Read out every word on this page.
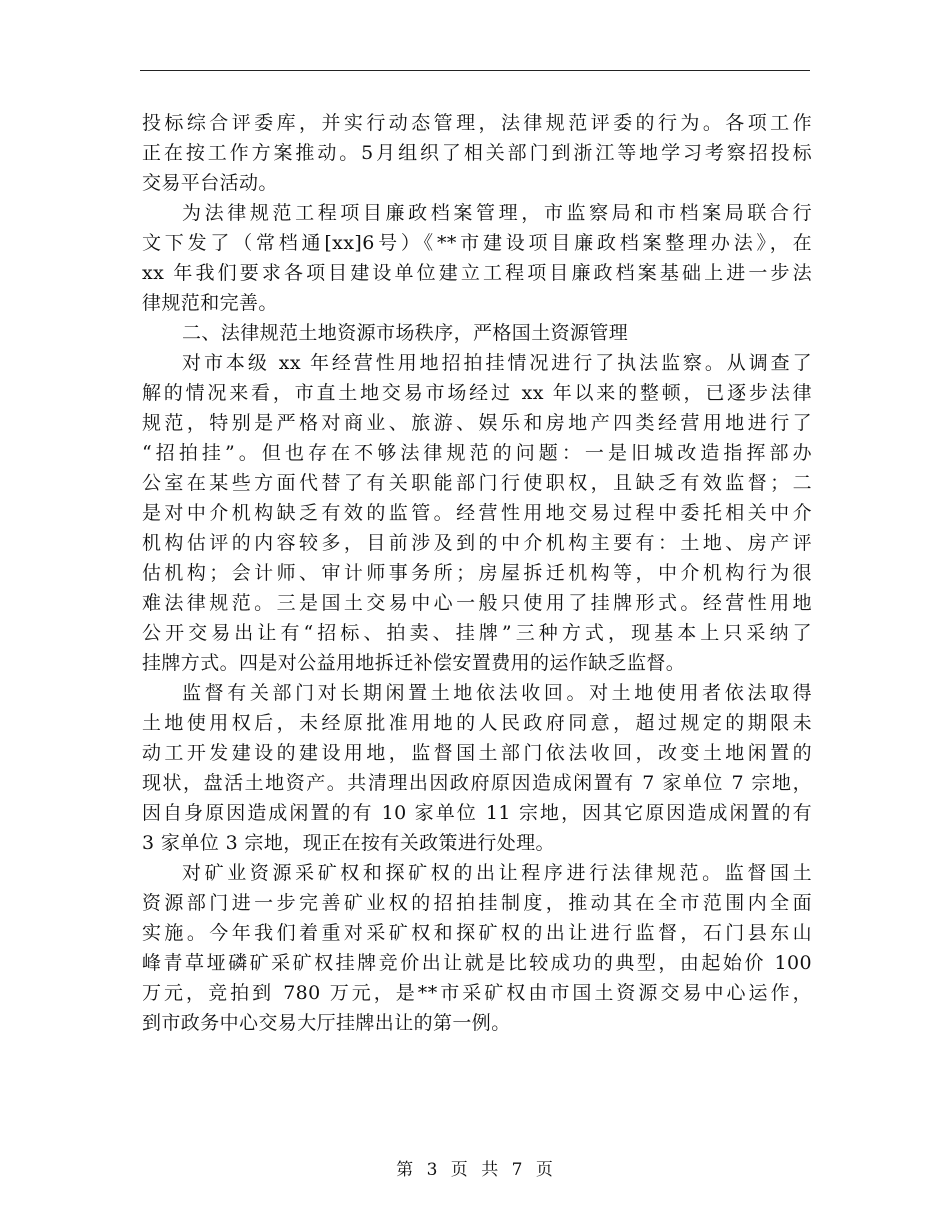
投标综合评委库，并实行动态管理，法律规范评委的行为。各项工作
正在按工作方案推动。5月组织了相关部门到浙江等地学习考察招投标
交易平台活动。
为法律规范工程项目廉政档案管理，市监察局和市档案局联合行
文下发了（常档通[xx]6号）《**市建设项目廉政档案整理办法》，在
xx 年我们要求各项目建设单位建立工程项目廉政档案基础上进一步法
律规范和完善。
二、法律规范土地资源市场秩序，严格国土资源管理
对市本级 xx 年经营性用地招拍挂情况进行了执法监察。从调查了
解的情况来看，市直土地交易市场经过 xx 年以来的整顿，已逐步法律
规范，特别是严格对商业、旅游、娱乐和房地产四类经营用地进行了
“招拍挂”。但也存在不够法律规范的问题：一是旧城改造指挥部办
公室在某些方面代替了有关职能部门行使职权，且缺乏有效监督；二
是对中介机构缺乏有效的监管。经营性用地交易过程中委托相关中介
机构估评的内容较多，目前涉及到的中介机构主要有：土地、房产评
估机构；会计师、审计师事务所；房屋拆迁机构等，中介机构行为很
难法律规范。三是国土交易中心一般只使用了挂牌形式。经营性用地
公开交易出让有“招标、拍卖、挂牌”三种方式，现基本上只采纳了
挂牌方式。四是对公益用地拆迁补偿安置费用的运作缺乏监督。
监督有关部门对长期闲置土地依法收回。对土地使用者依法取得
土地使用权后，未经原批准用地的人民政府同意，超过规定的期限未
动工开发建设的建设用地，监督国土部门依法收回，改变土地闲置的
现状，盘活土地资产。共清理出因政府原因造成闲置有 7 家单位 7 宗地，
因自身原因造成闲置的有 10 家单位 11 宗地，因其它原因造成闲置的有
3 家单位 3 宗地，现正在按有关政策进行处理。
对矿业资源采矿权和探矿权的出让程序进行法律规范。监督国土
资源部门进一步完善矿业权的招拍挂制度，推动其在全市范围内全面
实施。今年我们着重对采矿权和探矿权的出让进行监督，石门县东山
峰青草垭磷矿采矿权挂牌竞价出让就是比较成功的典型，由起始价 100
万元，竞拍到 780 万元，是**市采矿权由市国土资源交易中心运作，
到市政务中心交易大厅挂牌出让的第一例。
第 3 页 共 7 页
